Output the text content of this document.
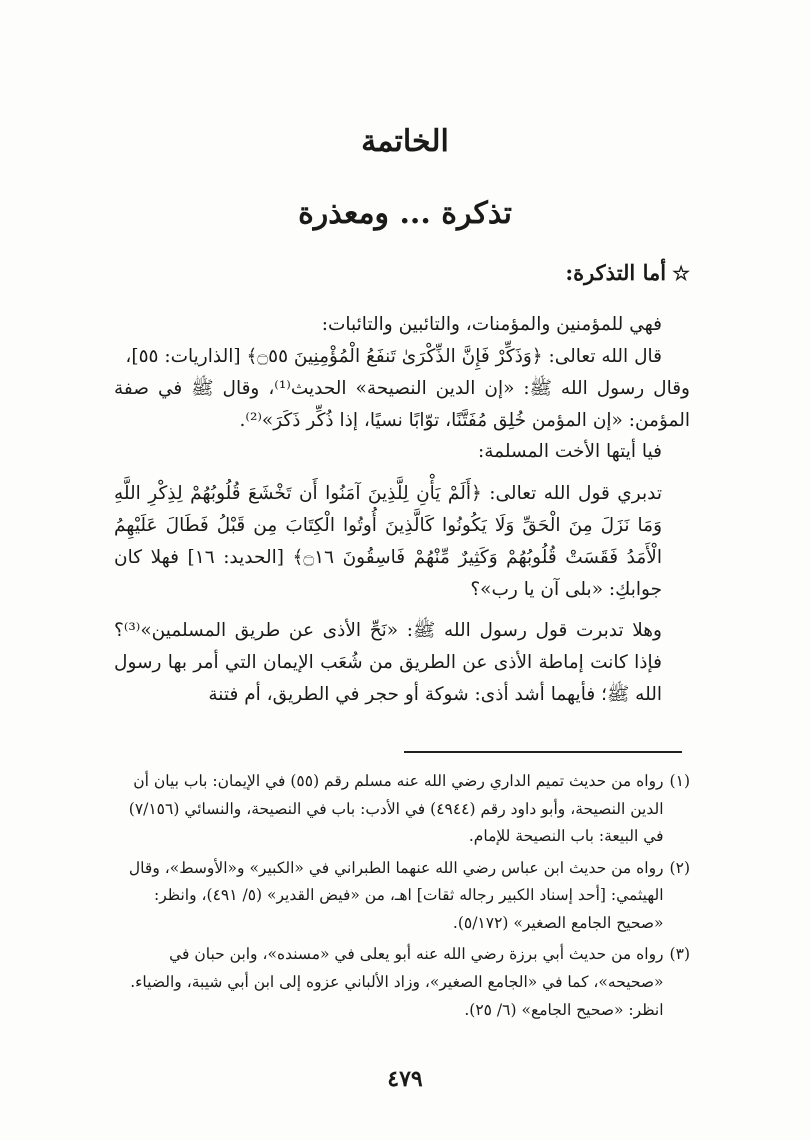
الخاتمة
تذكرة ... ومعذرة

☆
أما التذكرة:

فهي للمؤمنين والمؤمنات، والتائبين والتائبات:

قال الله تعالى: ﴿وَذَكِّرْ فَإِنَّ الذِّكْرَىٰ تَنفَعُ الْمُؤْمِنِينَ ۝٥٥﴾ [الذاريات: ٥٥]،

وقال رسول الله ﷺ: «إن الدين النصيحة» الحديث⁽¹⁾، وقال ﷺ في صفة المؤمن: «إن المؤمن خُلِق مُفَتَّنًا، توّابًا نسيًا، إذا ذُكِّر ذَكَرَ»⁽²⁾.

فيا أيتها الأخت المسلمة:

تدبري قول الله تعالى: ﴿أَلَمْ يَأْنِ لِلَّذِينَ آمَنُوا أَن تَخْشَعَ قُلُوبُهُمْ لِذِكْرِ اللَّهِ وَمَا نَزَلَ مِنَ الْحَقِّ وَلَا يَكُونُوا كَالَّذِينَ أُوتُوا الْكِتَابَ مِن قَبْلُ فَطَالَ عَلَيْهِمُ الْأَمَدُ فَقَسَتْ قُلُوبُهُمْ وَكَثِيرٌ مِّنْهُمْ فَاسِقُونَ ۝١٦﴾ [الحديد: ١٦] فهلا كان جوابكِ: «بلى آن يا رب»؟

وهلا تدبرت قول رسول الله ﷺ: «نَحِّ الأذى عن طريق المسلمين»⁽³⁾؟ فإذا كانت إماطة الأذى عن الطريق من شُعَب الإيمان التي أمر بها رسول الله ﷺ؛ فأيهما أشد أذى: شوكة أو حجر في الطريق، أم فتنة

(١)
رواه من حديث تميم الداري رضي الله عنه مسلم رقم (٥٥) في الإيمان: باب بيان أن الدين النصيحة، وأبو داود رقم (٤٩٤٤) في الأدب: باب في النصيحة، والنسائي (٧/١٥٦) في البيعة: باب النصيحة للإمام.
(٢)
رواه من حديث ابن عباس رضي الله عنهما الطبراني في «الكبير» و«الأوسط»، وقال الهيثمي: [أحد إسناد الكبير رجاله ثقات] اهـ، من «فيض القدير» (٥/ ٤٩١)، وانظر: «صحيح الجامع الصغير» (٥/١٧٢).
(٣)
رواه من حديث أبي برزة رضي الله عنه أبو يعلى في «مسنده»، وابن حبان في «صحيحه»، كما في «الجامع الصغير»، وزاد الألباني عزوه إلى ابن أبي شيبة، والضياء. انظر: «صحيح الجامع» (٦/ ٢٥).
٤٧٩
